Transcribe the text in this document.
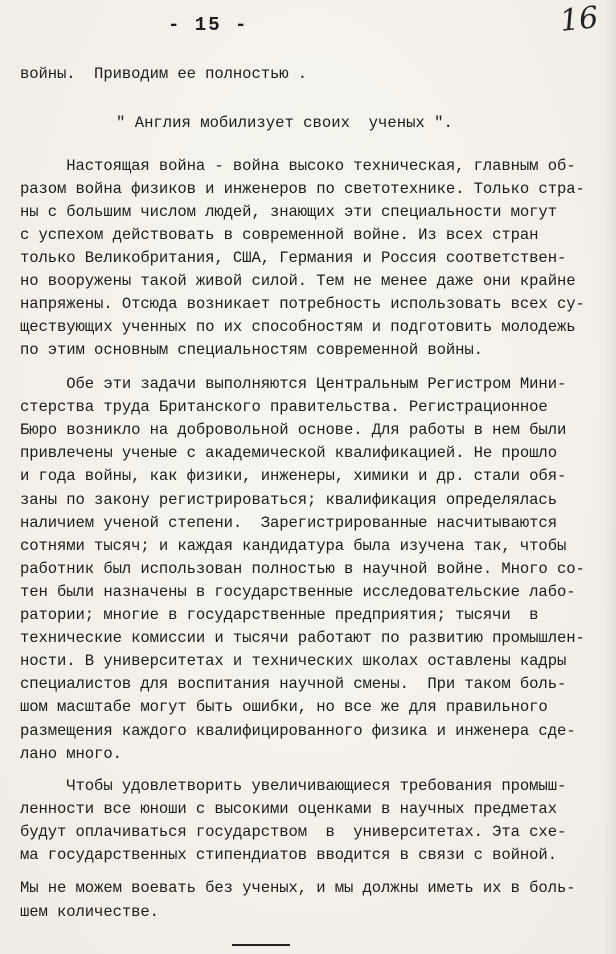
- 15 -	16
войны.  Приводим ее полностью .
" Англия мобилизует своих  ученых ".
Настоящая война - война высоко техническая, главным об-
разом война физиков и инженеров по светотехнике. Только стра-
ны с большим числом людей, знающих эти специальности могут
с успехом действовать в современной войне. Из всех стран
только Великобритания, США, Германия и Россия соответствен-
но вооружены такой живой силой. Тем не менее даже они крайне
напряжены. Отсюда возникает потребность использовать всех су-
ществующих ученных по их способностям и подготовить молодежь
по этим основным специальностям современной войны.
Обе эти задачи выполняются Центральным Регистром Мини-
стерства труда Британского правительства. Регистрационное
Бюро возникло на добровольной основе. Для работы в нем были
привлечены ученые с академической квалификацией. Не прошло
и года войны, как физики, инженеры, химики и др. стали обя-
заны по закону регистрироваться; квалификация определялась
наличием ученой степени.  Зарегистрированные насчитываются
сотнями тысяч; и каждая кандидатура была изучена так, чтобы
работник был использован полностью в научной войне. Много со-
тен были назначены в государственные исследовательские лабо-
ратории; многие в государственные предприятия; тысячи  в
технические комиссии и тысячи работают по развитию промышлен-
ности. В университетах и технических школах оставлены кадры
специалистов для воспитания научной смены.  При таком боль-
шом масштабе могут быть ошибки, но все же для правильного
размещения каждого квалифицированного физика и инженера сде-
лано много.
Чтобы удовлетворить увеличивающиеся требования промыш-
ленности все юноши с высокими оценками в научных предметах
будут оплачиваться государством  в  университетах. Эта схе-
ма государственных стипендиатов вводится в связи с войной.
Мы не можем воевать без ученых, и мы должны иметь их в боль-
шем количестве.
